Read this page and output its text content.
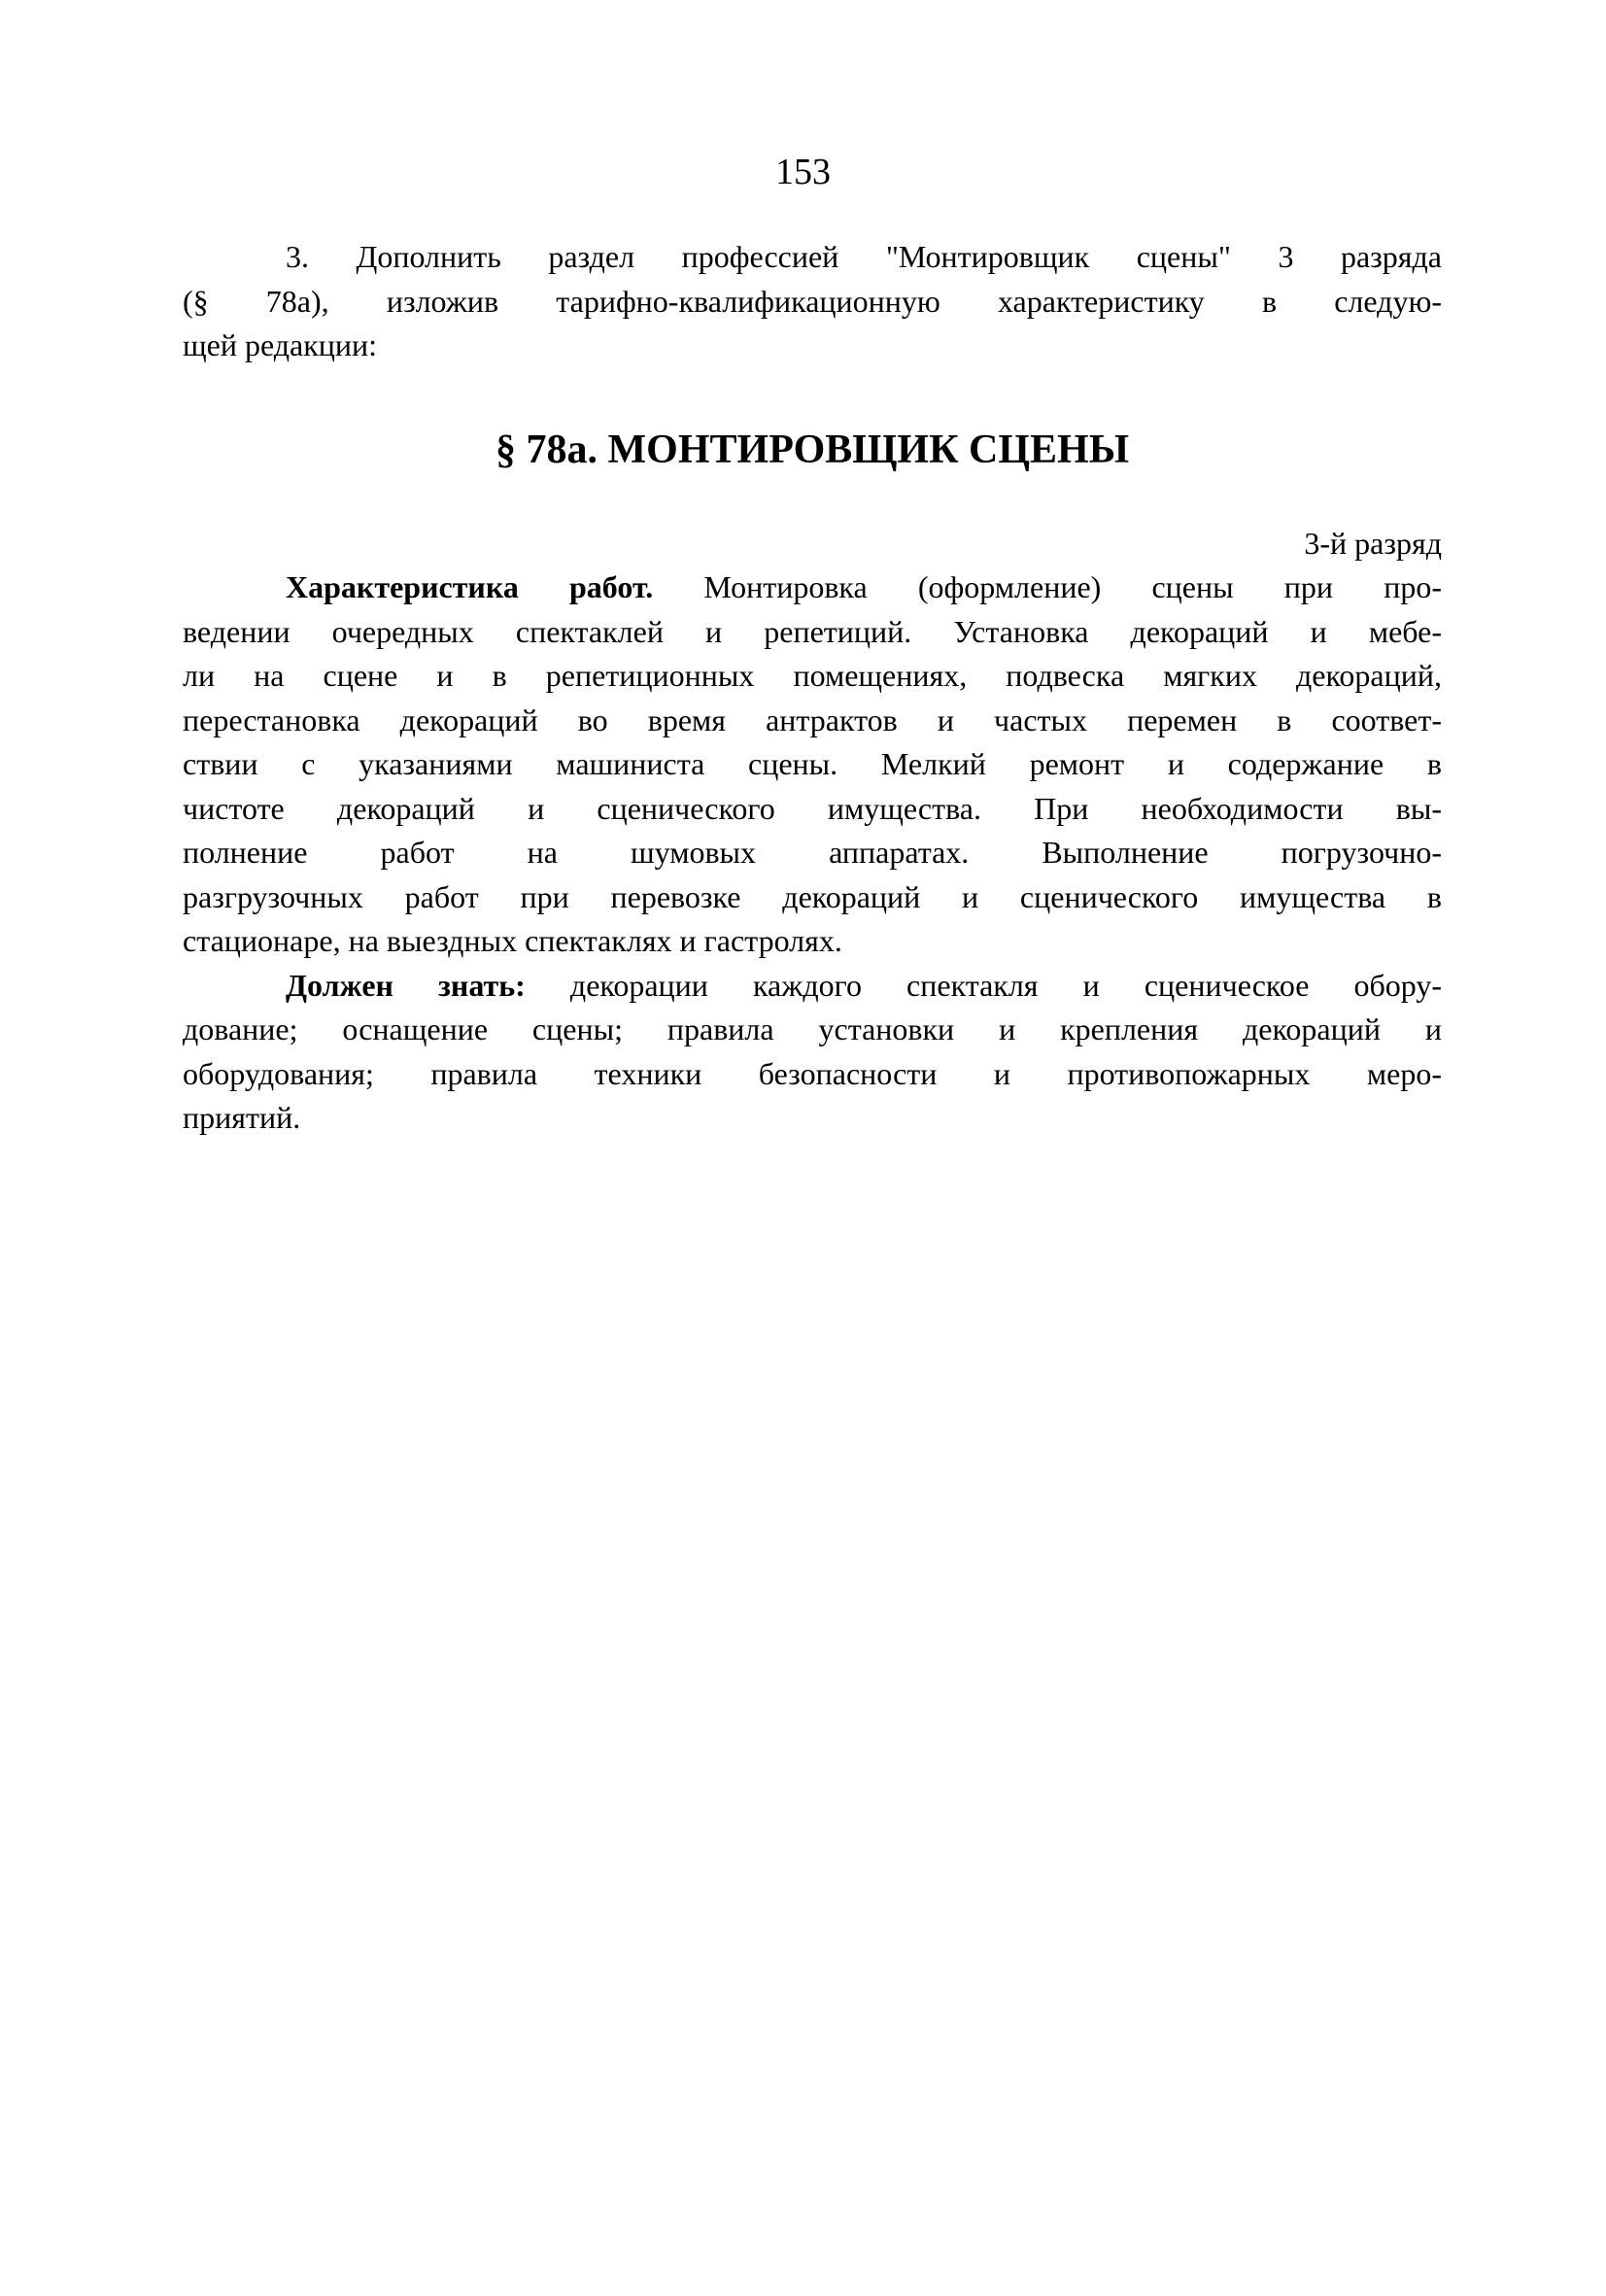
153
3. Дополнить раздел профессией "Монтировщик сцены" 3 разряда
(§ 78а), изложив тарифно-квалификационную характеристику в следую-
щей редакции:
§ 78а. МОНТИРОВЩИК СЦЕНЫ
3-й разряд
Характеристика работ. Монтировка (оформление) сцены при про-
ведении очередных спектаклей и репетиций. Установка декораций и мебе-
ли на сцене и в репетиционных помещениях, подвеска мягких декораций,
перестановка декораций во время антрактов и частых перемен в соответ-
ствии с указаниями машиниста сцены. Мелкий ремонт и содержание в
чистоте декораций и сценического имущества. При необходимости вы-
полнение работ на шумовых аппаратах. Выполнение погрузочно-
разгрузочных работ при перевозке декораций и сценического имущества в
стационаре, на выездных спектаклях и гастролях.
Должен знать: декорации каждого спектакля и сценическое обору-
дование; оснащение сцены; правила установки и крепления декораций и
оборудования; правила техники безопасности и противопожарных меро-
приятий.
